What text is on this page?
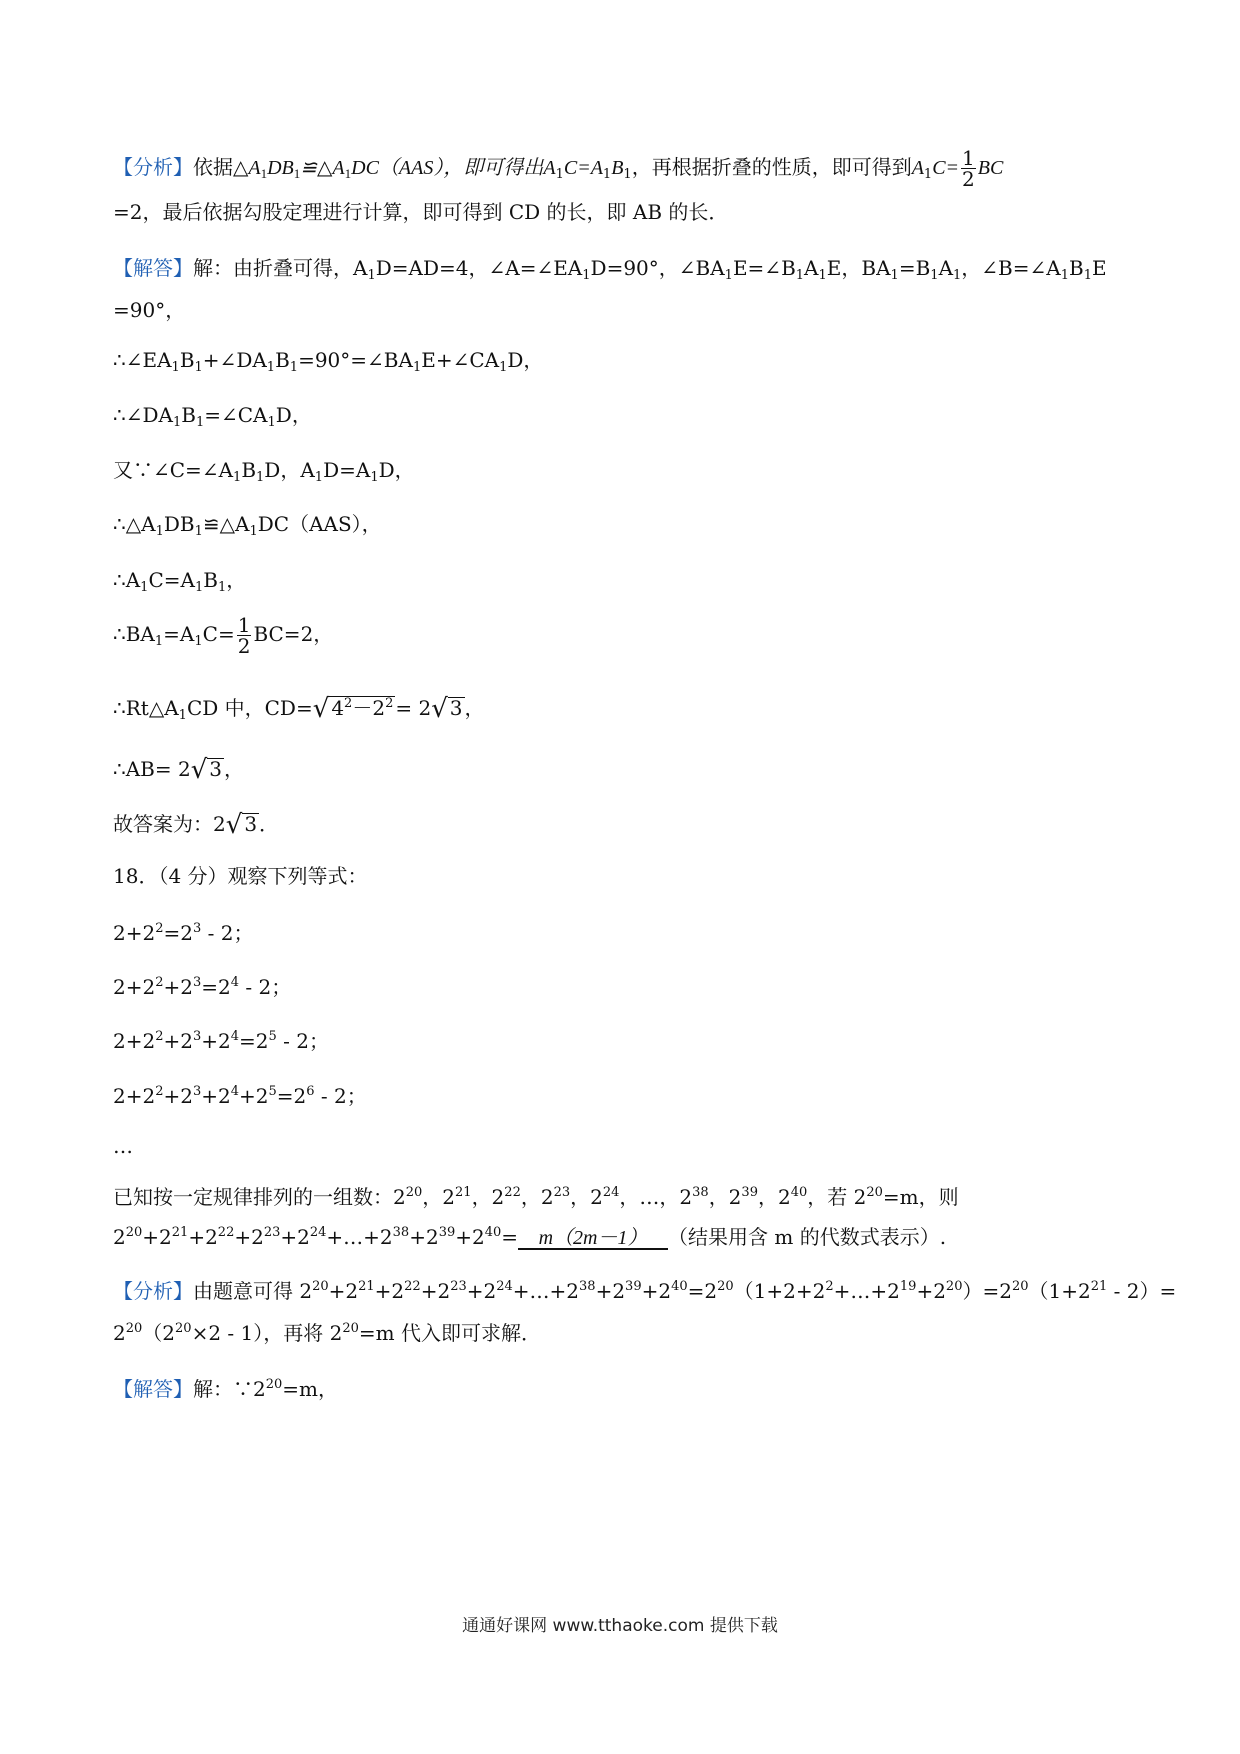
【分析】依据$\triangle A_1DB_1≌\triangle A_1DC(AAS)$，即可得出$A_1C=A_1B_1$，再根据折叠的性质，即可得到$A_1C= \frac{1}{2}$ BC
=2，最后依据勾股定理进行计算，即可得到 CD 的长，即 AB 的长．
【解答】解：由折叠可得，$A_1D=AD=4$，$\angle A=\angle EA_1D=90^\circ$，$\angle BA_1E=\angle B_1A_1E$，$BA_1=B_1A_1$，$\angle B=\angle A_1B_1E$
=90°，
$\therefore\angle EA_1B_1+\angle DA_1B_1=90^\circ=\angle BA_1E+\angle CA_1D$，
$\therefore\angle DA_1B_1=\angle CA_1D$，
又$\because\angle C=\angle A_1B_1D$，$A_1D=A_1D$，
$\therefore\triangle A_1DB_1≌\triangle A_1DC(AAS)$，
$\therefore A_1C=A_1B_1$，
$\therefore BA_1=A_1C= \frac{1}{2} BC=2$，
$\therefore Rt\triangle A_1CD$ 中，CD=√ $4^2-2^2 = 2√$ 3 ，
∴AB= 2√ 3 ，
故答案为：2√ 3 ．
18．（4 分）观察下列等式：
$2+2^2=2^3 - 2$；
$2+2^2+2^3=2^4 - 2$；
$2+2^2+2^3+2^4=2^5 - 2$；
$2+2^2+2^3+2^4+2^5=2^6 - 2$；
…
已知按一定规律排列的一组数：$2^{20}$，$2^{21}$，$2^{22}$，$2^{23}$，$2^{24}$，…，$2^{38}$，$2^{39}$，$2^{40}$，若 $2^{20}=m$，则
$2^{20}+2^{21}+2^{22}+2^{23}+2^{24}+\dots+2^{38}+2^{39}+2^{40}= m(2m-1)$ （结果用含 m 的代数式表示）.
【分析】由题意可得 $2^{20}+2^{21}+2^{22}+2^{23}+2^{24}+\dots+2^{38}+2^{39}+2^{40}=2^{20}(1+2+2^2+\dots+2^{19}+2^{20})=2^{20}(1+2^{21} - 2)=$
$2^{20}(2^{20}\times 2 - 1)$，再将 $2^{20}=m$ 代入即可求解．
【解答】解：$\because 2^{20}=m$，
通通好课网 www.tthaoke.com 提供下载
